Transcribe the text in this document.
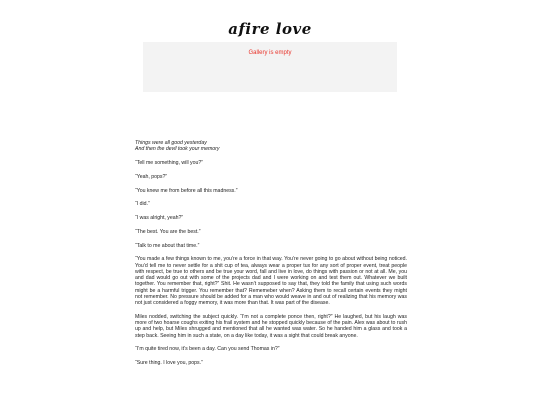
afire love
Gallery is empty

Things were all good yesterday
And then the devil took your memory

“Tell me something, will you?”

“Yeah, pops?”

“You knew me from before all this madness.”

“I did.”

“I was alright, yeah?”

“The best. You are the best.”

“Talk to me about that time.”

“You made a few things known to me, you’re a force in that way. You’re never going to go about without being noticed. You’d tell me to never settle for a shit cup of tea, always wear a proper tux for any sort of proper event, treat people with respect, be true to others and be true your word, fall and live in love, do things with passion or not at all. Me, you and dad would go out with some of the projects dad and I were working on and test them out. Whatever we built together. You remember that, right?” Shit. He wasn’t supposed to say that, they told the family that using such words might be a harmful trigger. You remember that? Rememeber when? Asking them to recall certain events they might not remember. No pressure should be added for a man who would weave in and out of realizing that his memory was not just considered a foggy memory, it was more than that. It was part of the disease.

Miles nodded, switching the subject quickly. “I’m not a complete ponce then, right?” He laughed, but his laugh was more of two hoarse coughs exiting his frail system and he stopped quickly because of the pain. Alex was about to rush up and help, but Miles shrugged and mentioned that all he wanted was water. So he handed him a glass and took a step back. Seeing him in such a state, on a day like today, it was a sight that could break anyone.

“I’m quite tired now, it’s been a day. Can you send Thomas in?”

“Sure thing. I love you, pops.”
